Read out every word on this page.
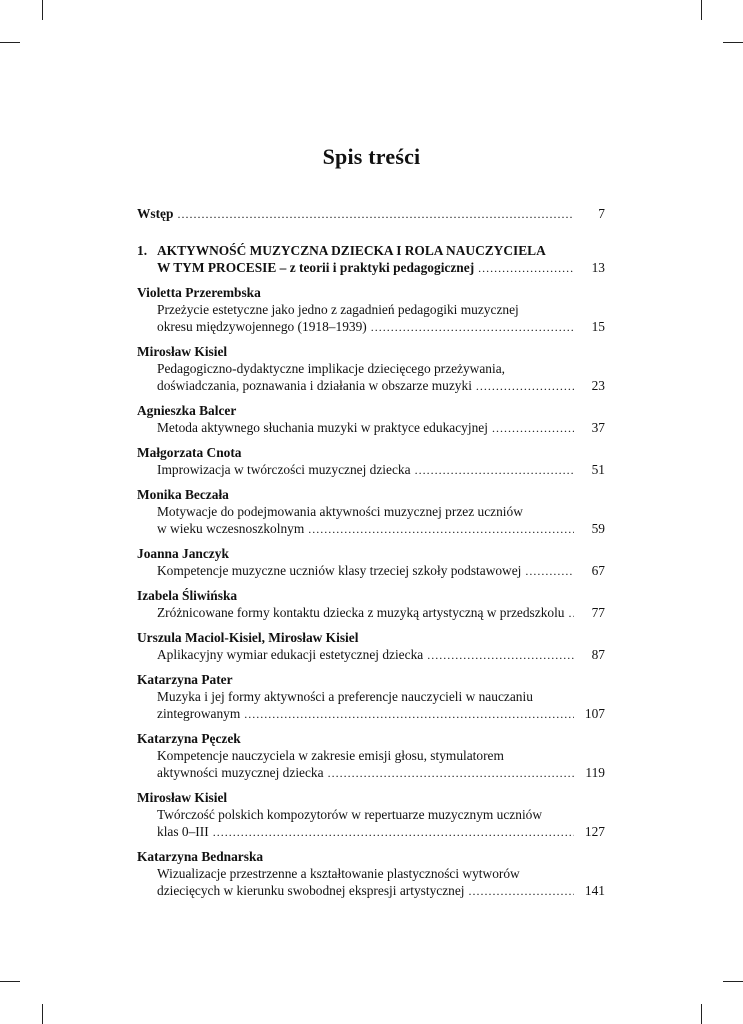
Spis treści
Wstęp .....	7
1. AKTYWNOŚĆ MUZYCZNA DZIECKA I ROLA NAUCZYCIELA
W TYM PROCESIE – z teorii i praktyki pedagogicznej .....	13
Violetta Przerembska
Przeżycie estetyczne jako jedno z zagadnień pedagogiki muzycznej
okresu międzywojennego (1918–1939) .....	15
Mirosław Kisiel
Pedagogiczno-dydaktyczne implikacje dziecięcego przeżywania,
doświadczania, poznawania i działania w obszarze muzyki .....	23
Agnieszka Balcer
Metoda aktywnego słuchania muzyki w praktyce edukacyjnej .....	37
Małgorzata Cnota
Improwizacja w twórczości muzycznej dziecka .....	51
Monika Beczała
Motywacje do podejmowania aktywności muzycznej przez uczniów
w wieku wczesnoszkolnym .....	59
Joanna Janczyk
Kompetencje muzyczne uczniów klasy trzeciej szkoły podstawowej .....	67
Izabela Śliwińska
Zróżnicowane formy kontaktu dziecka z muzyką artystyczną w przedszkolu .....	77
Urszula Maciol-Kisiel, Mirosław Kisiel
Aplikacyjny wymiar edukacji estetycznej dziecka .....	87
Katarzyna Pater
Muzyka i jej formy aktywności a preferencje nauczycieli w nauczaniu
zintegrowanym .....	107
Katarzyna Pęczek
Kompetencje nauczyciela w zakresie emisji głosu, stymulatorem
aktywności muzycznej dziecka .....	119
Mirosław Kisiel
Twórczość polskich kompozytorów w repertuarze muzycznym uczniów
klas 0–III .....	127
Katarzyna Bednarska
Wizualizacje przestrzenne a kształtowanie plastyczności wytworów
dziecięcych w kierunku swobodnej ekspresji artystycznej .....	141
